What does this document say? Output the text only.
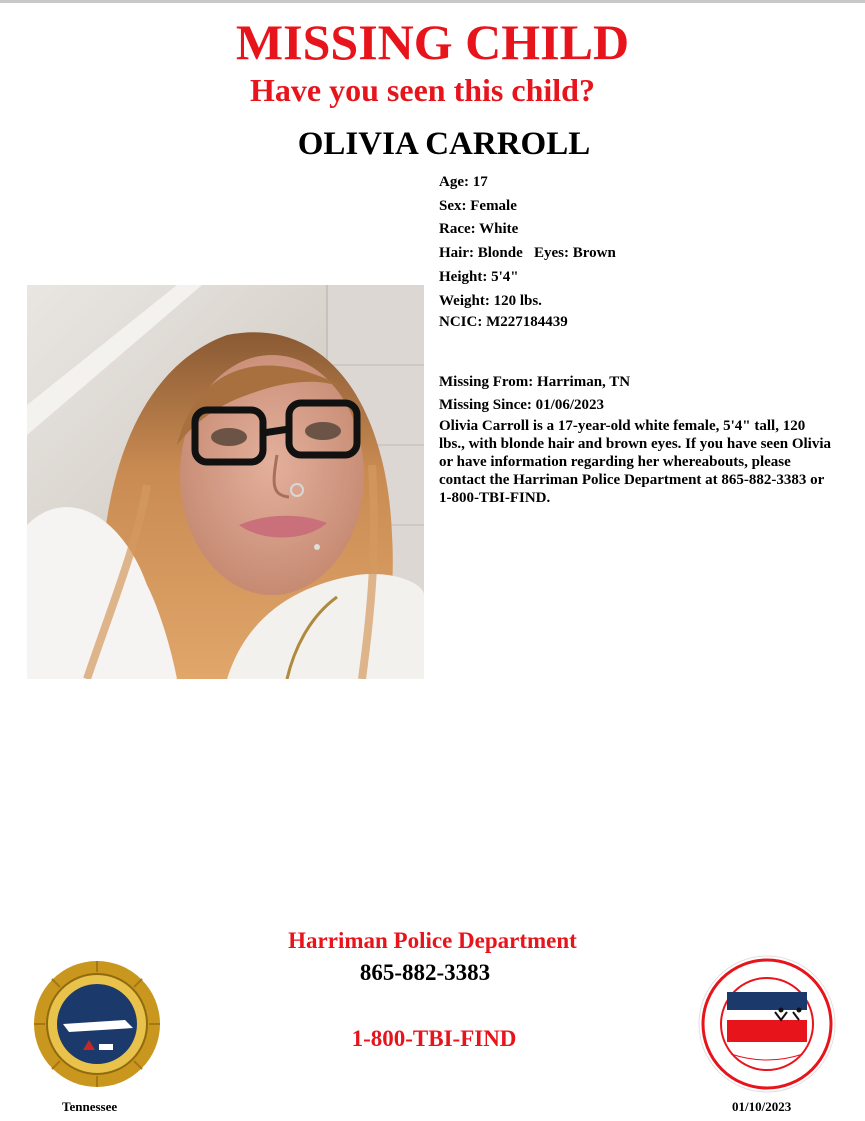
MISSING CHILD
Have you seen this child?
OLIVIA CARROLL
Age: 17
Sex: Female
Race: White
Hair: Blonde Eyes: Brown
Height: 5'4"
Weight: 120 lbs.
NCIC: M227184439
Missing From: Harriman, TN
Missing Since: 01/06/2023
Olivia Carroll is a 17-year-old white female, 5'4" tall, 120 lbs., with blonde hair and brown eyes. If you have seen Olivia or have information regarding her whereabouts, please contact the Harriman Police Department at 865-882-3383 or 1-800-TBI-FIND.
Harriman Police Department
865-882-3383
1-800-TBI-FIND
Tennessee	01/10/2023
